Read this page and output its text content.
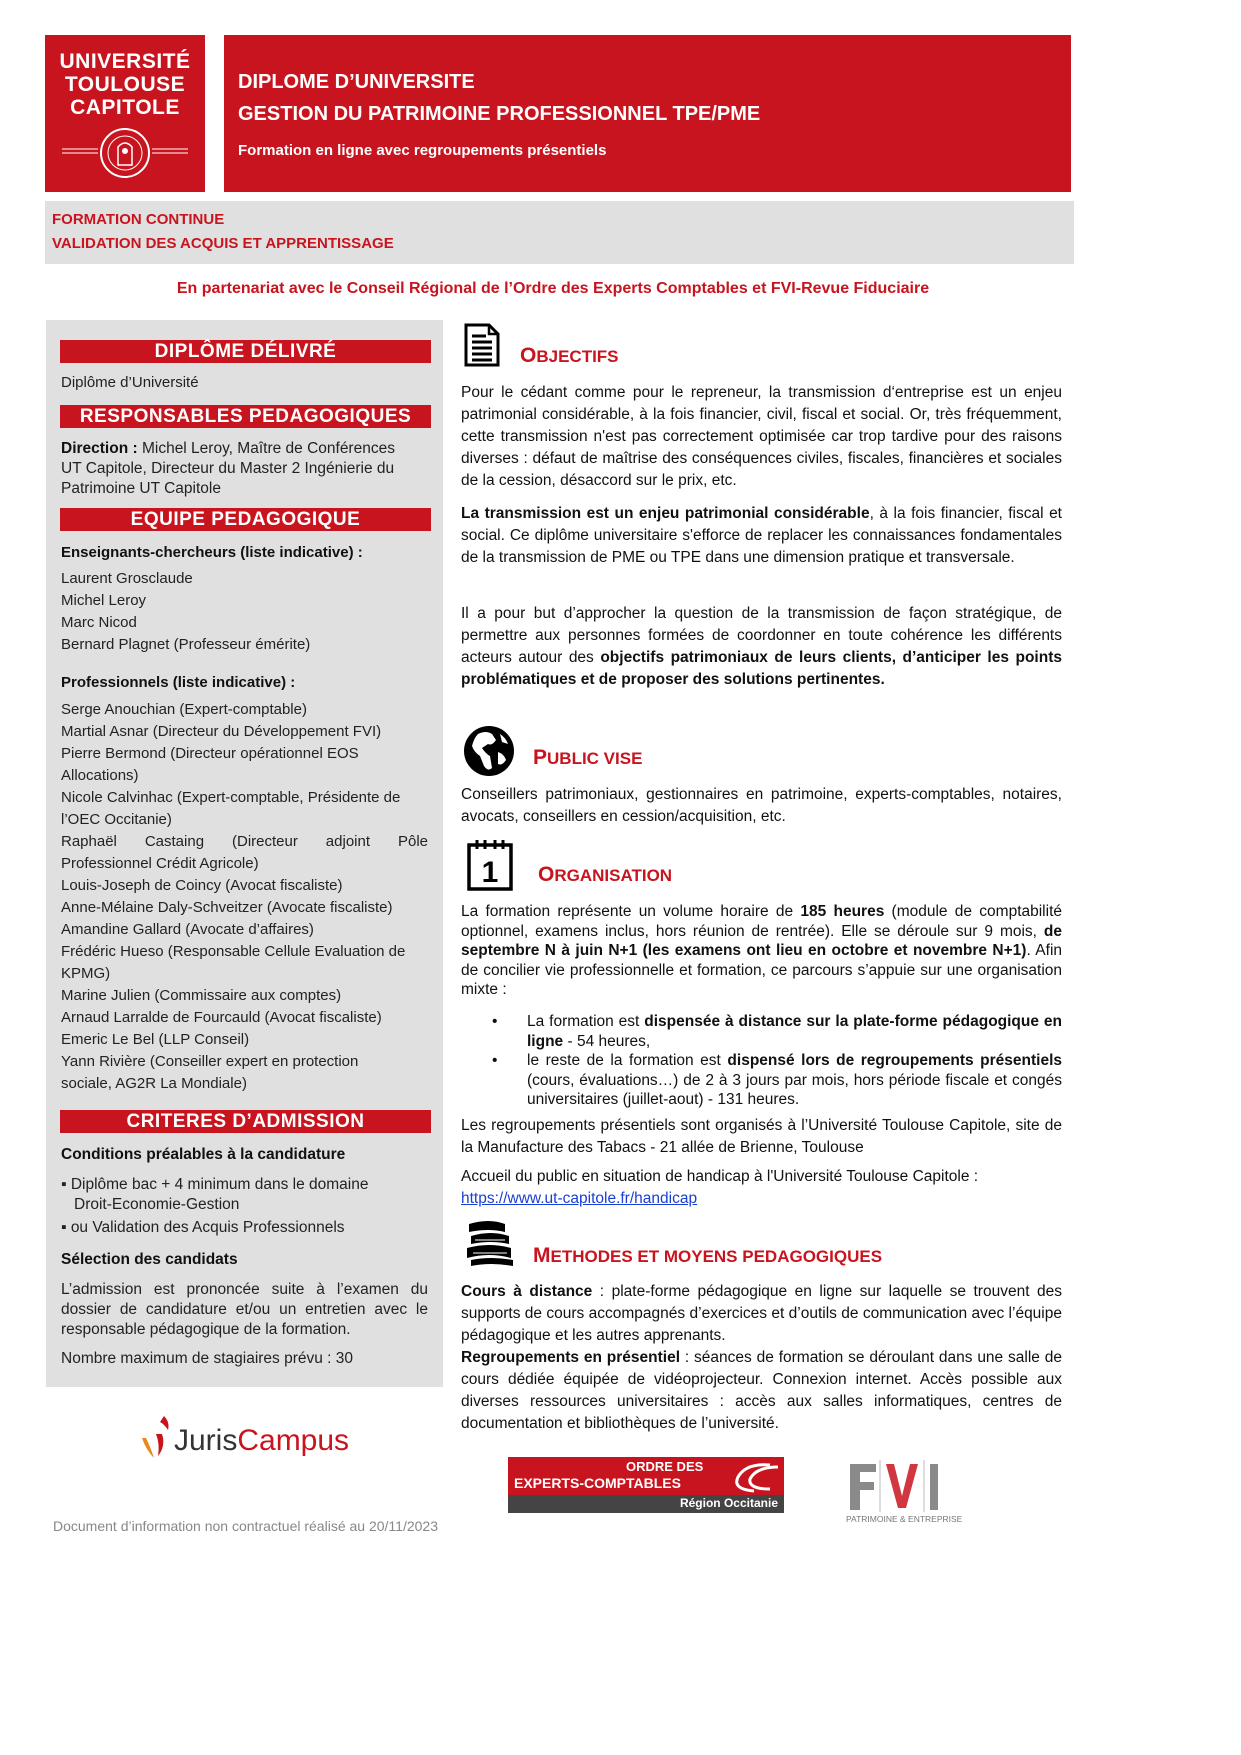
UNIVERSITÉ
TOULOUSE
CAPITOLE
DIPLOME D’UNIVERSITE
GESTION DU PATRIMOINE PROFESSIONNEL TPE/PME
Formation en ligne avec regroupements présentiels
FORMATION CONTINUE
VALIDATION DES ACQUIS ET APPRENTISSAGE
En partenariat avec le Conseil Régional de l’Ordre des Experts Comptables et FVI-Revue Fiduciaire
DIPLÔME DÉLIVRÉ
Diplôme d’Université
RESPONSABLES PEDAGOGIQUES
Direction : Michel Leroy, Maître de Conférences
UT Capitole, Directeur du Master 2 Ingénierie du
Patrimoine UT Capitole
EQUIPE PEDAGOGIQUE
Enseignants-chercheurs (liste indicative) :
Laurent Grosclaude
Michel Leroy
Marc Nicod
Bernard Plagnet (Professeur émérite)
Professionnels (liste indicative) :
Serge Anouchian (Expert-comptable)
Martial Asnar (Directeur du Développement FVI)
Pierre Bermond (Directeur opérationnel EOS
Allocations)
Nicole Calvinhac (Expert-comptable, Présidente de
l’OEC Occitanie)
Raphaël Castaing (Directeur adjoint Pôle
Professionnel Crédit Agricole)
Louis-Joseph de Coincy (Avocat fiscaliste)
Anne-Mélaine Daly-Schveitzer (Avocate fiscaliste)
Amandine Gallard (Avocate d’affaires)
Frédéric Hueso (Responsable Cellule Evaluation de
KPMG)
Marine Julien (Commissaire aux comptes)
Arnaud Larralde de Fourcauld (Avocat fiscaliste)
Emeric Le Bel (LLP Conseil)
Yann Rivière (Conseiller expert en protection
sociale, AG2R La Mondiale)
CRITERES D’ADMISSION
Conditions préalables à la candidature
▪ Diplôme bac + 4 minimum dans le domaine
Droit-Economie-Gestion
▪ ou Validation des Acquis Professionnels
Sélection des candidats
L’admission est prononcée suite à l’examen du
dossier de candidature et/ou un entretien avec le
responsable pédagogique de la formation.
Nombre maximum de stagiaires prévu : 30
OBJECTIFS
Pour le cédant comme pour le repreneur, la transmission d‘entreprise est un enjeu patrimonial considérable, à la fois financier, civil, fiscal et social. Or, très fréquemment, cette transmission n'est pas correctement optimisée car trop tardive pour des raisons diverses : défaut de maîtrise des conséquences civiles, fiscales, financières et sociales de la cession, désaccord sur le prix, etc.
La transmission est un enjeu patrimonial considérable, à la fois financier, fiscal et social. Ce diplôme universitaire s'efforce de replacer les connaissances fondamentales de la transmission de PME ou TPE dans une dimension pratique et transversale.
Il a pour but d’approcher la question de la transmission de façon stratégique, de permettre aux personnes formées de coordonner en toute cohérence les différents acteurs autour des objectifs patrimoniaux de leurs clients, d’anticiper les points problématiques et de proposer des solutions pertinentes.
PUBLIC VISE
Conseillers patrimoniaux, gestionnaires en patrimoine, experts-comptables, notaires, avocats, conseillers en cession/acquisition, etc.
1 ORGANISATION
La formation représente un volume horaire de 185 heures (module de comptabilité optionnel, examens inclus, hors réunion de rentrée). Elle se déroule sur 9 mois, de septembre N à juin N+1 (les examens ont lieu en octobre et novembre N+1). Afin de concilier vie professionnelle et formation, ce parcours s’appuie sur une organisation mixte :
• La formation est dispensée à distance sur la plate-forme pédagogique en ligne - 54 heures,
• le reste de la formation est dispensé lors de regroupements présentiels (cours, évaluations…) de 2 à 3 jours par mois, hors période fiscale et congés universitaires (juillet-aout) - 131 heures.
Les regroupements présentiels sont organisés à l’Université Toulouse Capitole, site de la Manufacture des Tabacs - 21 allée de Brienne, Toulouse
Accueil du public en situation de handicap à l'Université Toulouse Capitole :
https://www.ut-capitole.fr/handicap
METHODES ET MOYENS PEDAGOGIQUES
Cours à distance : plate-forme pédagogique en ligne sur laquelle se trouvent des supports de cours accompagnés d’exercices et d’outils de communication avec l’équipe pédagogique et les autres apprenants.
Regroupements en présentiel : séances de formation se déroulant dans une salle de cours dédiée équipée de vidéoprojecteur. Connexion internet. Accès possible aux diverses ressources universitaires : accès aux salles informatiques, centres de documentation et bibliothèques de l’université.
JurisCampus
ORDRE DES
EXPERTS-COMPTABLES
Région Occitanie
PATRIMOINE & ENTREPRISE
Document d’information non contractuel réalisé au 20/11/2023
